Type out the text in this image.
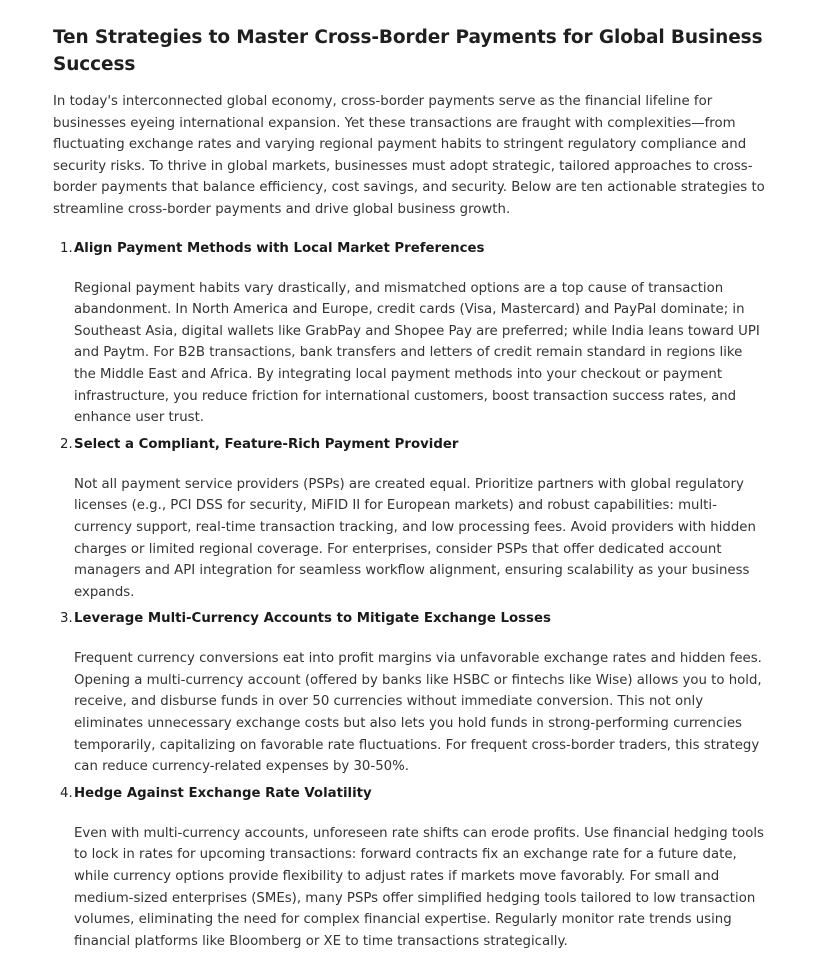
Ten Strategies to Master Cross-Border Payments for Global Business Success

In today's interconnected global economy, cross-border payments serve as the financial lifeline for businesses eyeing international expansion. Yet these transactions are fraught with complexities—from fluctuating exchange rates and varying regional payment habits to stringent regulatory compliance and security risks. To thrive in global markets, businesses must adopt strategic, tailored approaches to cross-border payments that balance efficiency, cost savings, and security. Below are ten actionable strategies to streamline cross-border payments and drive global business growth.

1. Align Payment Methods with Local Market Preferences

Regional payment habits vary drastically, and mismatched options are a top cause of transaction abandonment. In North America and Europe, credit cards (Visa, Mastercard) and PayPal dominate; in Southeast Asia, digital wallets like GrabPay and Shopee Pay are preferred; while India leans toward UPI and Paytm. For B2B transactions, bank transfers and letters of credit remain standard in regions like the Middle East and Africa. By integrating local payment methods into your checkout or payment infrastructure, you reduce friction for international customers, boost transaction success rates, and enhance user trust.

2. Select a Compliant, Feature-Rich Payment Provider

Not all payment service providers (PSPs) are created equal. Prioritize partners with global regulatory licenses (e.g., PCI DSS for security, MiFID II for European markets) and robust capabilities: multi-currency support, real-time transaction tracking, and low processing fees. Avoid providers with hidden charges or limited regional coverage. For enterprises, consider PSPs that offer dedicated account managers and API integration for seamless workflow alignment, ensuring scalability as your business expands.

3. Leverage Multi-Currency Accounts to Mitigate Exchange Losses

Frequent currency conversions eat into profit margins via unfavorable exchange rates and hidden fees. Opening a multi-currency account (offered by banks like HSBC or fintechs like Wise) allows you to hold, receive, and disburse funds in over 50 currencies without immediate conversion. This not only eliminates unnecessary exchange costs but also lets you hold funds in strong-performing currencies temporarily, capitalizing on favorable rate fluctuations. For frequent cross-border traders, this strategy can reduce currency-related expenses by 30-50%.

4. Hedge Against Exchange Rate Volatility

Even with multi-currency accounts, unforeseen rate shifts can erode profits. Use financial hedging tools to lock in rates for upcoming transactions: forward contracts fix an exchange rate for a future date, while currency options provide flexibility to adjust rates if markets move favorably. For small and medium-sized enterprises (SMEs), many PSPs offer simplified hedging tools tailored to low transaction volumes, eliminating the need for complex financial expertise. Regularly monitor rate trends using financial platforms like Bloomberg or XE to time transactions strategically.
